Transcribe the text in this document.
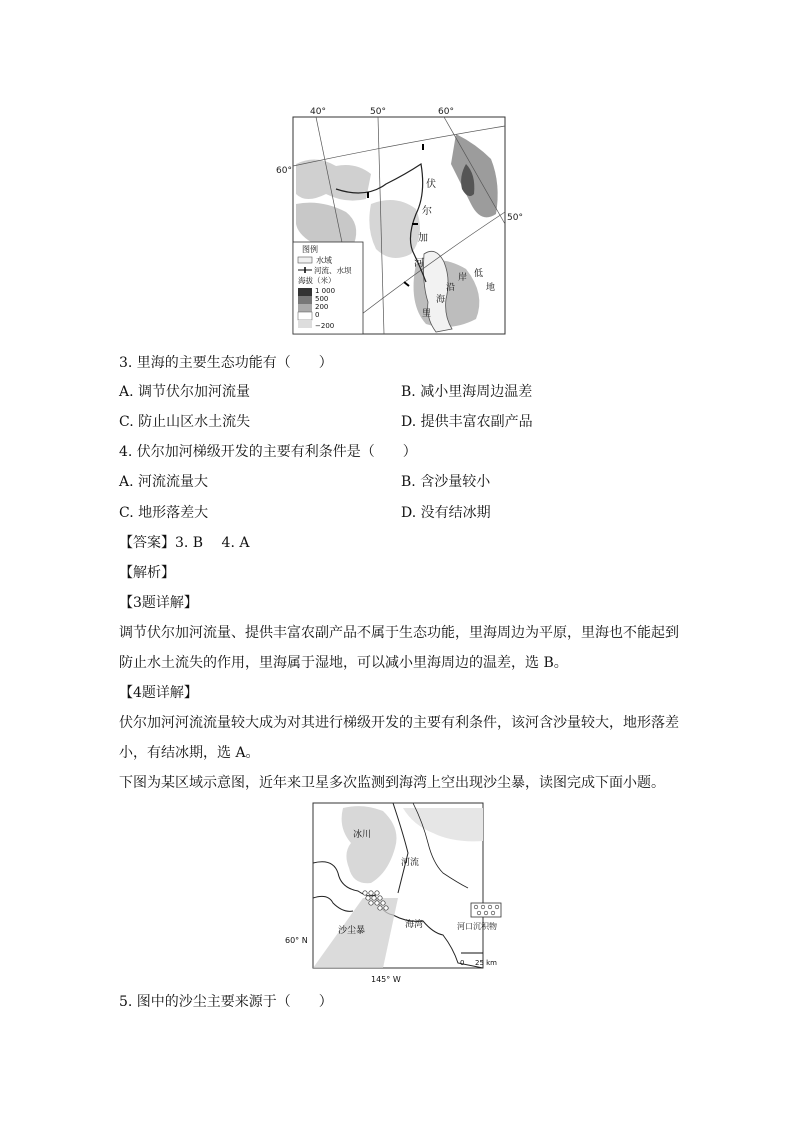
40°	50°	60°
60°
50°
伏
尔
加
河
里
海
沿
岸 低
地
图例
水域
河流、水坝
海拔（米）
1 000
500
200
0
−200
3. 里海的主要生态功能有（　　）
A. 调节伏尔加河流量	B. 减小里海周边温差
C. 防止山区水土流失	D. 提供丰富农副产品
4. 伏尔加河梯级开发的主要有利条件是（　　）
A. 河流流量大	B. 含沙量较小
C. 地形落差大	D. 没有结冰期
【答案】3. B　 4. A
【解析】
【3题详解】
调节伏尔加河流量、提供丰富农副产品不属于生态功能，里海周边为平原，里海也不能起到防止水土流失的作用，里海属于湿地，可以减小里海周边的温差，选 B。
【4题详解】
伏尔加河河流流量较大成为对其进行梯级开发的主要有利条件，该河含沙量较大，地形落差小，有结冰期，选 A。
下图为某区域示意图，近年来卫星多次监测到海湾上空出现沙尘暴，读图完成下面小题。
冰川
河流
沙尘暴
海湾
60° N
145° W
河口沉积物
0 25 km
5. 图中的沙尘主要来源于（　　）
